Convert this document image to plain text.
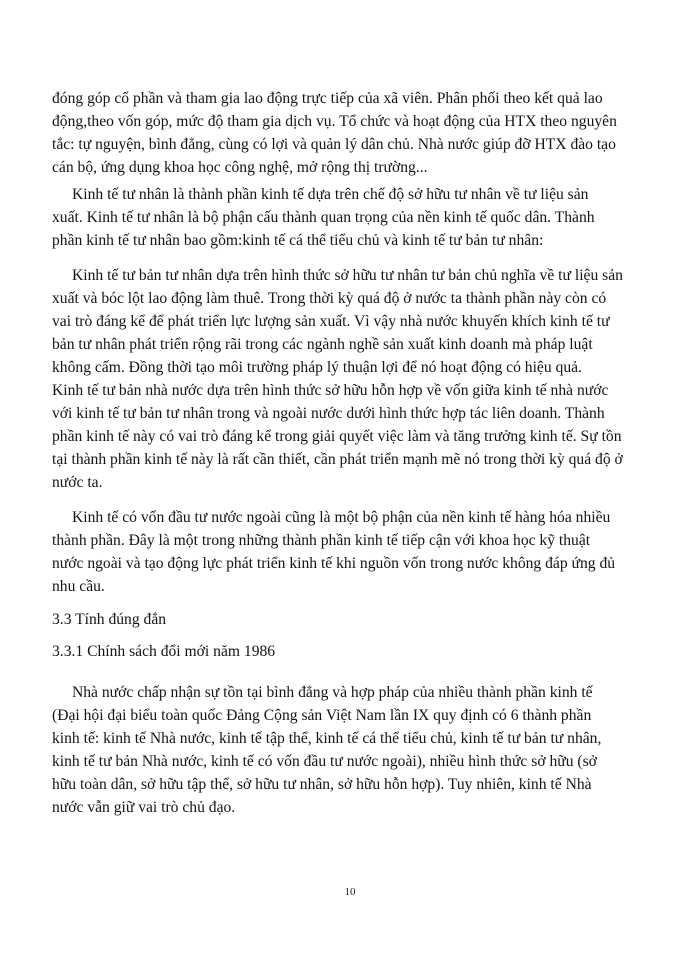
đóng góp cổ phần và tham gia lao động trực tiếp của xã viên. Phân phối theo kết quả lao
động,theo vốn góp, mức độ tham gia dịch vụ. Tổ chức và hoạt động của HTX theo nguyên
tắc: tự nguyện, bình đẳng, cùng có lợi và quản lý dân chủ. Nhà nước giúp đỡ HTX đào tạo
cán bộ, ứng dụng khoa học công nghệ, mở rộng thị trường...
Kinh tế tư nhân là thành phần kinh tế dựa trên chế độ sở hữu tư nhân về tư liệu sản
xuất. Kinh tế tư nhân là bộ phận cấu thành quan trọng của nền kinh tế quốc dân. Thành
phần kinh tế tư nhân bao gồm:kinh tế cá thể tiểu chủ và kinh tế tư bản tư nhân:
Kinh tế tư bản tư nhân dựa trên hình thức sở hữu tư nhân tư bản chủ nghĩa về tư liệu sản
xuất và bóc lột lao động làm thuê. Trong thời kỳ quá độ ở nước ta thành phần này còn có
vai trò đáng kể để phát triển lực lượng sản xuất. Vì vậy nhà nước khuyến khích kinh tế tư
bản tư nhân phát triển rộng rãi trong các ngành nghề sản xuất kinh doanh mà pháp luật
không cấm. Đồng thời tạo môi trường pháp lý thuận lợi để nó hoạt động có hiệu quả.
Kinh tế tư bản nhà nước dựa trên hình thức sở hữu hỗn hợp về vốn giữa kinh tế nhà nước
với kinh tế tư bản tư nhân trong và ngoài nước dưới hình thức hợp tác liên doanh. Thành
phần kinh tế này có vai trò đáng kể trong giải quyết việc làm và tăng trưởng kinh tế. Sự tồn
tại thành phần kinh tế này là rất cần thiết, cần phát triển mạnh mẽ nó trong thời kỳ quá độ ở
nước ta.
Kinh tế có vốn đầu tư nước ngoài cũng là một bộ phận của nền kinh tế hàng hóa nhiều
thành phần. Đây là một trong những thành phần kinh tế tiếp cận với khoa học kỹ thuật
nước ngoài và tạo động lực phát triển kinh tế khi nguồn vốn trong nước không đáp ứng đủ
nhu cầu.
3.3 Tính đúng đắn
3.3.1 Chính sách đổi mới năm 1986
Nhà nước chấp nhận sự tồn tại bình đẳng và hợp pháp của nhiều thành phần kinh tế
(Đại hội đại biểu toàn quốc Đảng Cộng sản Việt Nam lần IX quy định có 6 thành phần
kinh tế: kinh tế Nhà nước, kinh tế tập thể, kinh tế cá thể tiểu chủ, kinh tế tư bản tư nhân,
kinh tế tư bản Nhà nước, kinh tế có vốn đầu tư nước ngoài), nhiều hình thức sở hữu (sở
hữu toàn dân, sở hữu tập thể, sở hữu tư nhân, sở hữu hỗn hợp). Tuy nhiên, kinh tế Nhà
nước vẫn giữ vai trò chủ đạo.
10
